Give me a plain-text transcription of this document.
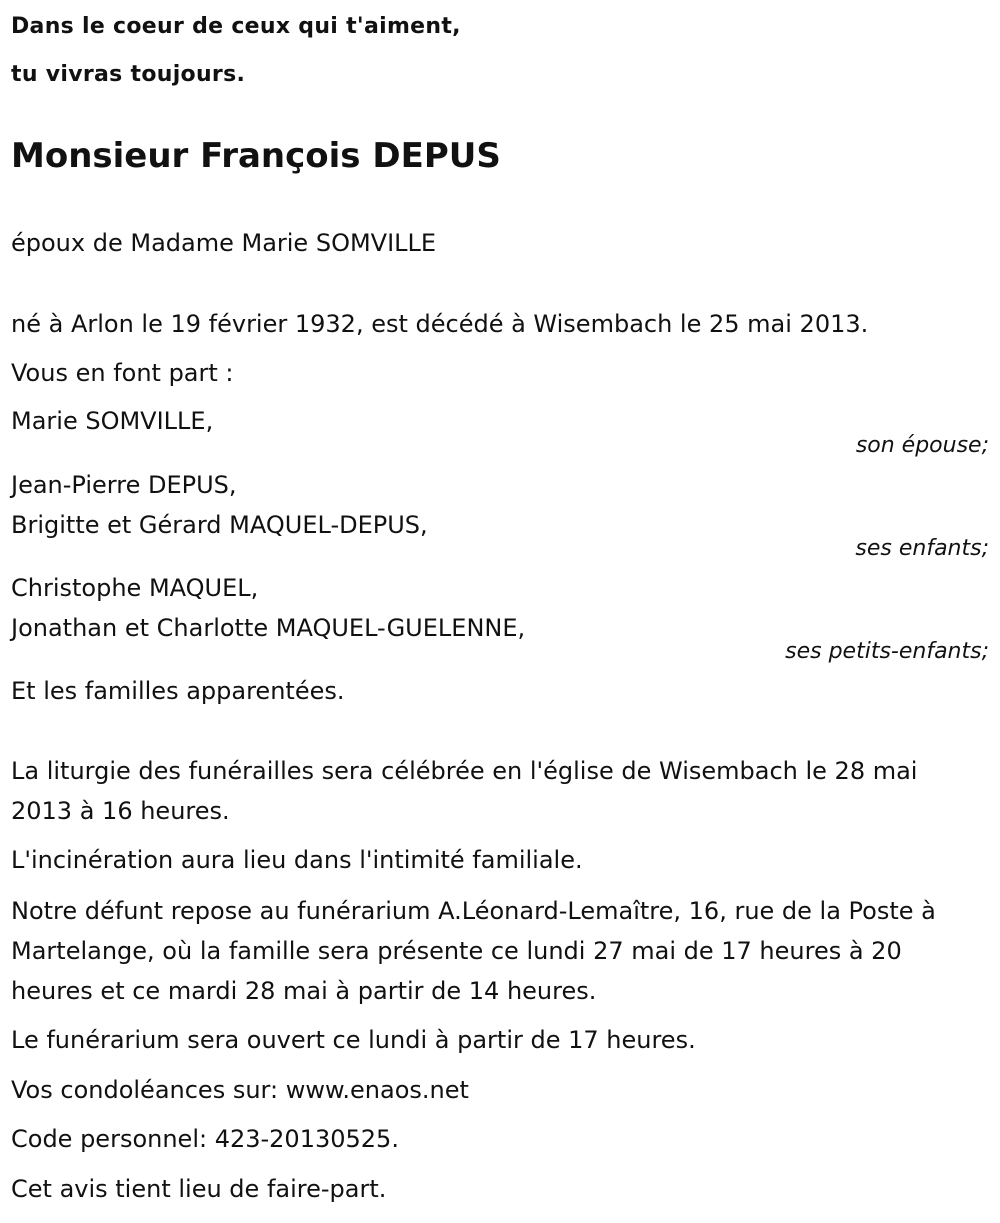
Dans le coeur de ceux qui t'aiment,
tu vivras toujours.
Monsieur François DEPUS
époux de Madame Marie SOMVILLE
né à Arlon le 19 février 1932, est décédé à Wisembach le 25 mai 2013.
Vous en font part :
Marie SOMVILLE,
son épouse;
Jean-Pierre DEPUS,
Brigitte et Gérard MAQUEL-DEPUS,
ses enfants;
Christophe MAQUEL,
Jonathan et Charlotte MAQUEL-GUELENNE,
ses petits-enfants;
Et les familles apparentées.
La liturgie des funérailles sera célébrée en l'église de Wisembach le 28 mai 2013 à 16 heures.
L'incinération aura lieu dans l'intimité familiale.
Notre défunt repose au funérarium A.Léonard-Lemaître, 16, rue de la Poste à Martelange, où la famille sera présente ce lundi 27 mai de 17 heures à 20 heures et ce mardi 28 mai à partir de 14 heures.
Le funérarium sera ouvert ce lundi à partir de 17 heures.
Vos condoléances sur: www.enaos.net
Code personnel: 423-20130525.
Cet avis tient lieu de faire-part.
